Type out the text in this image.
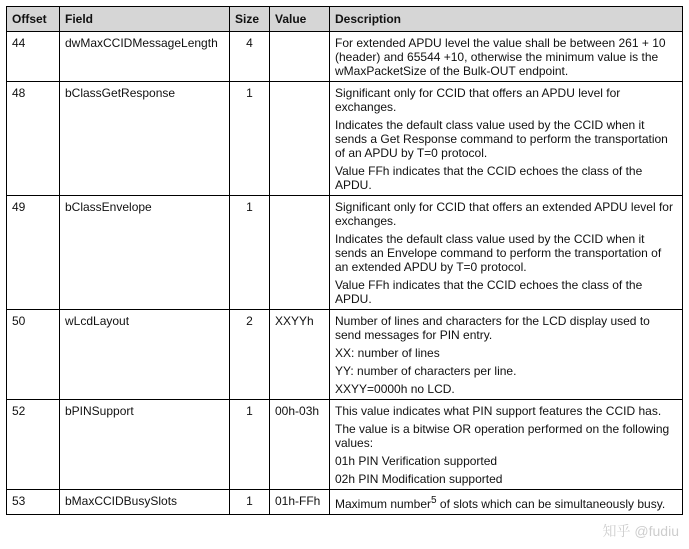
Offset	Field	Size	Value	Description
44	dwMaxCCIDMessageLength	4		For extended APDU level the value shall be between 261 + 10 (header) and 65544 +10, otherwise the minimum value is the wMaxPacketSize of the Bulk-OUT endpoint.

48	bClassGetResponse	1		Significant only for CCID that offers an APDU level for exchanges.

Indicates the default class value used by the CCID when it sends a Get Response command to perform the transportation of an APDU by T=0 protocol.

Value FFh indicates that the CCID echoes the class of the APDU.

49	bClassEnvelope	1		Significant only for CCID that offers an extended APDU level for exchanges.

Indicates the default class value used by the CCID when it sends an Envelope command to perform the transportation of an extended APDU by T=0 protocol.

Value FFh indicates that the CCID echoes the class of the APDU.

50	wLcdLayout	2	XXYYh	Number of lines and characters for the LCD display used to send messages for PIN entry.

XX: number of lines

YY: number of characters per line.

XXYY=0000h no LCD.

52	bPINSupport	1	00h-03h	This value indicates what PIN support features the CCID has.

The value is a bitwise OR operation performed on the following values:

01h PIN Verification supported

02h PIN Modification supported

53	bMaxCCIDBusySlots	1	01h-FFh	Maximum number$^5$ of slots which can be simultaneously busy.
知乎 @fudiu
